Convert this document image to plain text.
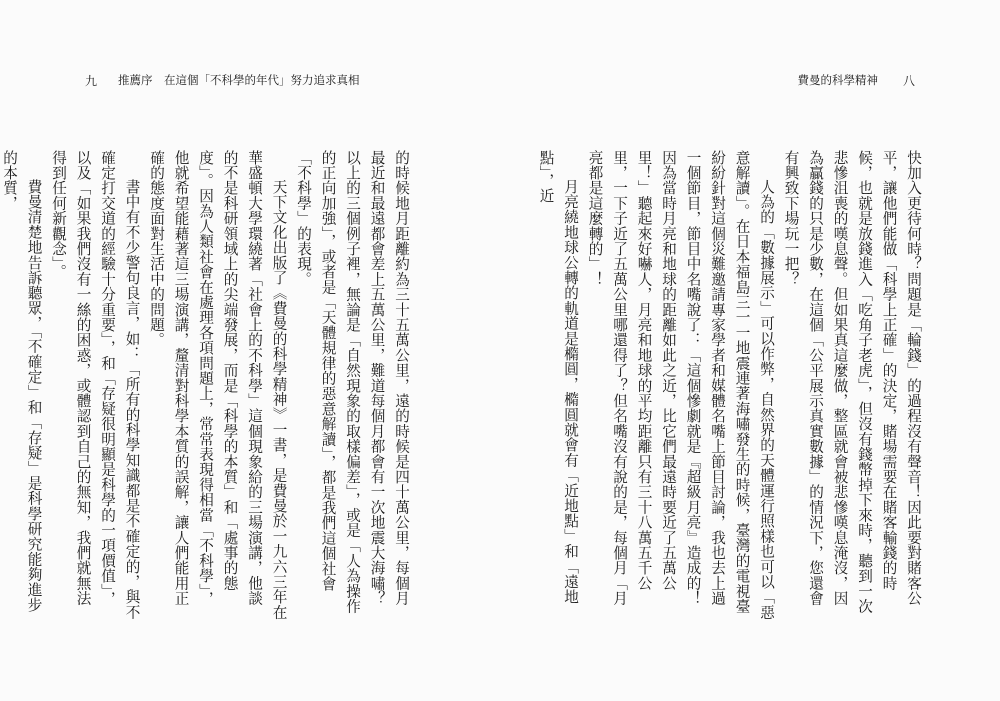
九 推薦序　在這個「不科學的年代」努力追求真相

的時候地月距離約為三十五萬公里，遠的時候是四十萬公里，每個月最近和最遠都會差上五萬公里，難道每個月都會有一次地震大海嘯？以上的三個例子裡，無論是「自然現象的取樣偏差」，或是「人為操作的正向加強」，或者是「天體規律的惡意解讀」，都是我們這個社會「不科學」的表現。

天下文化出版了《費曼的科學精神》一書，是費曼於一九六三年在華盛頓大學環繞著「社會上的不科學」這個現象給的三場演講，他談的不是科研領域上的尖端發展，而是「科學的本質」和「處事的態度」。因為人類社會在處理各項問題上，常常表現得相當「不科學」，他就希望能藉著這三場演講，釐清對科學本質的誤解，讓人們能用正確的態度面對生活中的問題。

書中有不少警句良言，如：「所有的科學知識都是不確定的，與不確定打交道的經驗十分重要」，和「存疑很明顯是科學的一項價值」，以及「如果我們沒有一絲的困惑，或體認到自己的無知，我們就無法得到任何新觀念」。

費曼清楚地告訴聽眾，「不確定」和「存疑」是科學研究能夠進步的本質，

費曼的科學精神 八

快加入更待何時？問題是「輪錢」的過程沒有聲音！因此要對賭客公平，讓他們能做「科學上正確」的決定，賭場需要在賭客輸錢的時候，也就是放錢進入「吃角子老虎」，但沒有錢幣掉下來時，聽到一次悲慘沮喪的嘆息聲。但如果真這麼做，整區就會被悲慘嘆息淹沒，因為贏錢的只是少數，在這個「公平展示真實數據」的情況下，您還會有興致下場玩一把？

人為的「數據展示」可以作弊，自然界的天體運行照樣也可以「惡意解讀」。在日本福島三一一地震連著海嘯發生的時候，臺灣的電視臺紛紛針對這個災難邀請專家學者和媒體名嘴上節目討論，我也去上過一個節目，節目中名嘴說了：「這個慘劇就是『超級月亮』造成的！因為當時月亮和地球的距離如此之近，比它們最遠時要近了五萬公里！」聽起來好嚇人，月亮和地球的平均距離只有三十八萬五千公里，一下子近了五萬公里哪還得了？但名嘴沒有說的是，每個月「月亮都是這麼轉的」！

月亮繞地球公轉的軌道是橢圓，橢圓就會有「近地點」和「遠地點」，近
